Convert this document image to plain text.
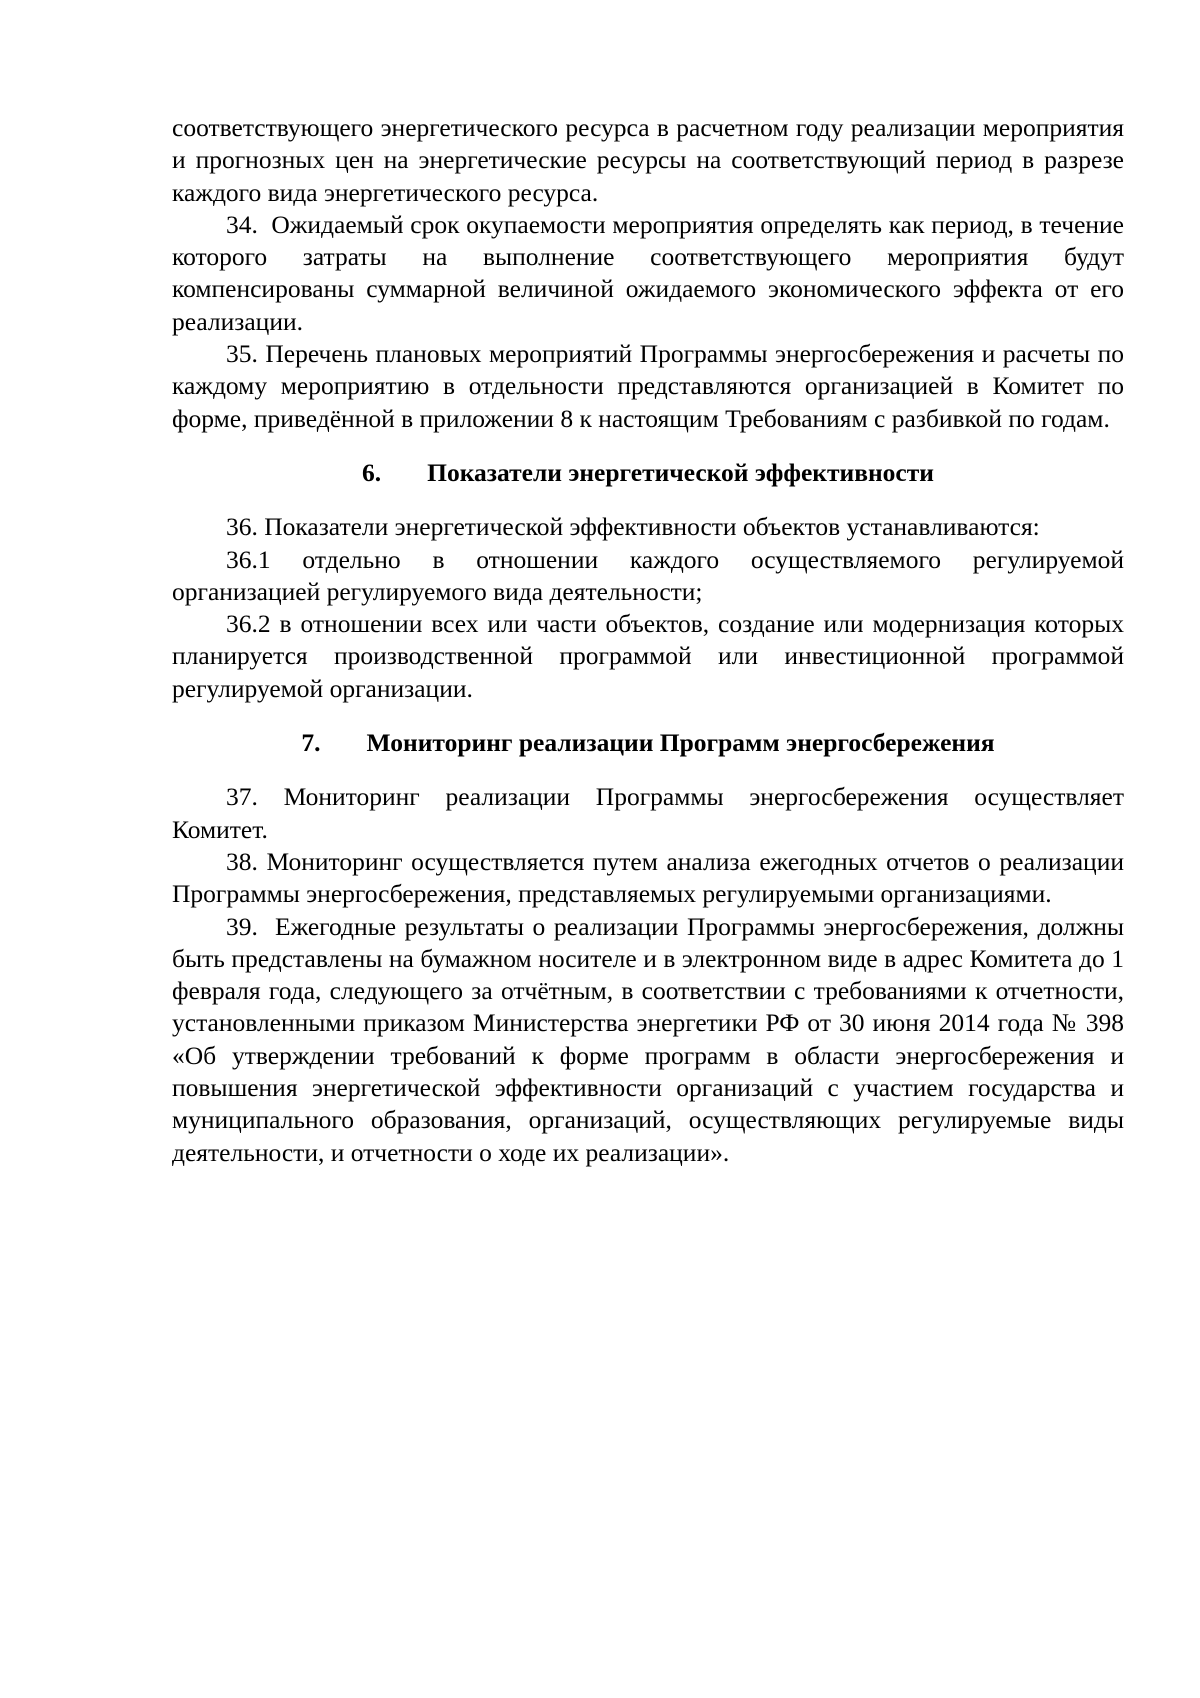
соответствующего энергетического ресурса в расчетном году реализации мероприятия и прогнозных цен на энергетические ресурсы на соответствующий период в разрезе каждого вида энергетического ресурса.

34. Ожидаемый срок окупаемости мероприятия определять как период, в течение которого затраты на выполнение соответствующего мероприятия будут компенсированы суммарной величиной ожидаемого экономического эффекта от его реализации.

35. Перечень плановых мероприятий Программы энергосбережения и расчеты по каждому мероприятию в отдельности представляются организацией в Комитет по форме, приведённой в приложении 8 к настоящим Требованиям с разбивкой по годам.

6. Показатели энергетической эффективности

36. Показатели энергетической эффективности объектов устанавливаются:

36.1 отдельно в отношении каждого осуществляемого регулируемой организацией регулируемого вида деятельности;

36.2 в отношении всех или части объектов, создание или модернизация которых планируется производственной программой или инвестиционной программой регулируемой организации.

7. Мониторинг реализации Программ энергосбережения

37. Мониторинг реализации Программы энергосбережения осуществляет Комитет.

38. Мониторинг осуществляется путем анализа ежегодных отчетов о реализации Программы энергосбережения, представляемых регулируемыми организациями.

39. Ежегодные результаты о реализации Программы энергосбережения, должны быть представлены на бумажном носителе и в электронном виде в адрес Комитета до 1 февраля года, следующего за отчётным, в соответствии с требованиями к отчетности, установленными приказом Министерства энергетики РФ от 30 июня 2014 года № 398 «Об утверждении требований к форме программ в области энергосбережения и повышения энергетической эффективности организаций с участием государства и муниципального образования, организаций, осуществляющих регулируемые виды деятельности, и отчетности о ходе их реализации».
